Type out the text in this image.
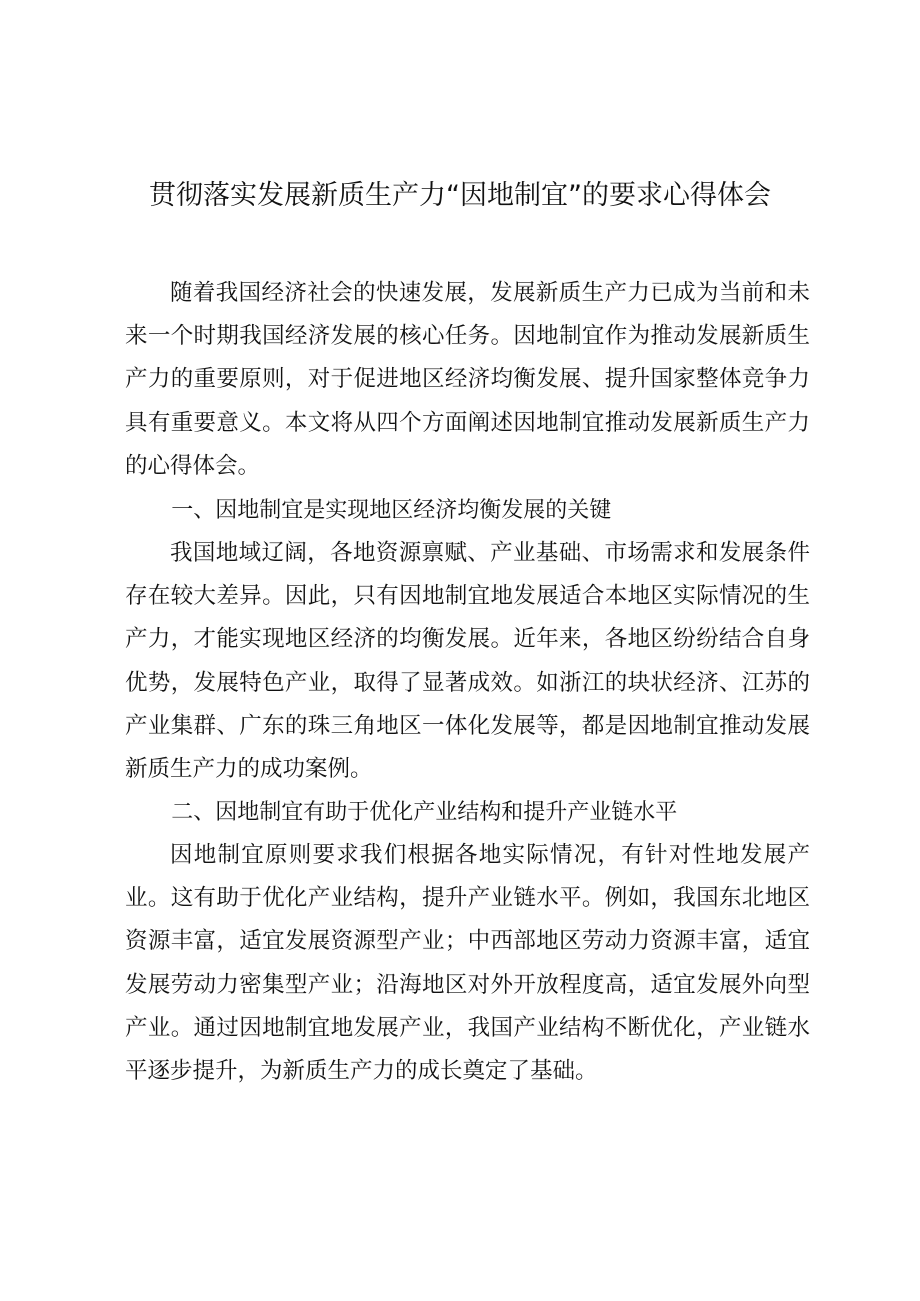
贯彻落实发展新质生产力“因地制宜”的要求心得体会

随着我国经济社会的快速发展，发展新质生产力已成为当前和未来一个时期我国经济发展的核心任务。因地制宜作为推动发展新质生产力的重要原则，对于促进地区经济均衡发展、提升国家整体竞争力具有重要意义。本文将从四个方面阐述因地制宜推动发展新质生产力的心得体会。

一、因地制宜是实现地区经济均衡发展的关键

我国地域辽阔，各地资源禀赋、产业基础、市场需求和发展条件存在较大差异。因此，只有因地制宜地发展适合本地区实际情况的生产力，才能实现地区经济的均衡发展。近年来，各地区纷纷结合自身优势，发展特色产业，取得了显著成效。如浙江的块状经济、江苏的产业集群、广东的珠三角地区一体化发展等，都是因地制宜推动发展新质生产力的成功案例。

二、因地制宜有助于优化产业结构和提升产业链水平

因地制宜原则要求我们根据各地实际情况，有针对性地发展产业。这有助于优化产业结构，提升产业链水平。例如，我国东北地区资源丰富，适宜发展资源型产业；中西部地区劳动力资源丰富，适宜发展劳动力密集型产业；沿海地区对外开放程度高，适宜发展外向型产业。通过因地制宜地发展产业，我国产业结构不断优化，产业链水平逐步提升，为新质生产力的成长奠定了基础。
